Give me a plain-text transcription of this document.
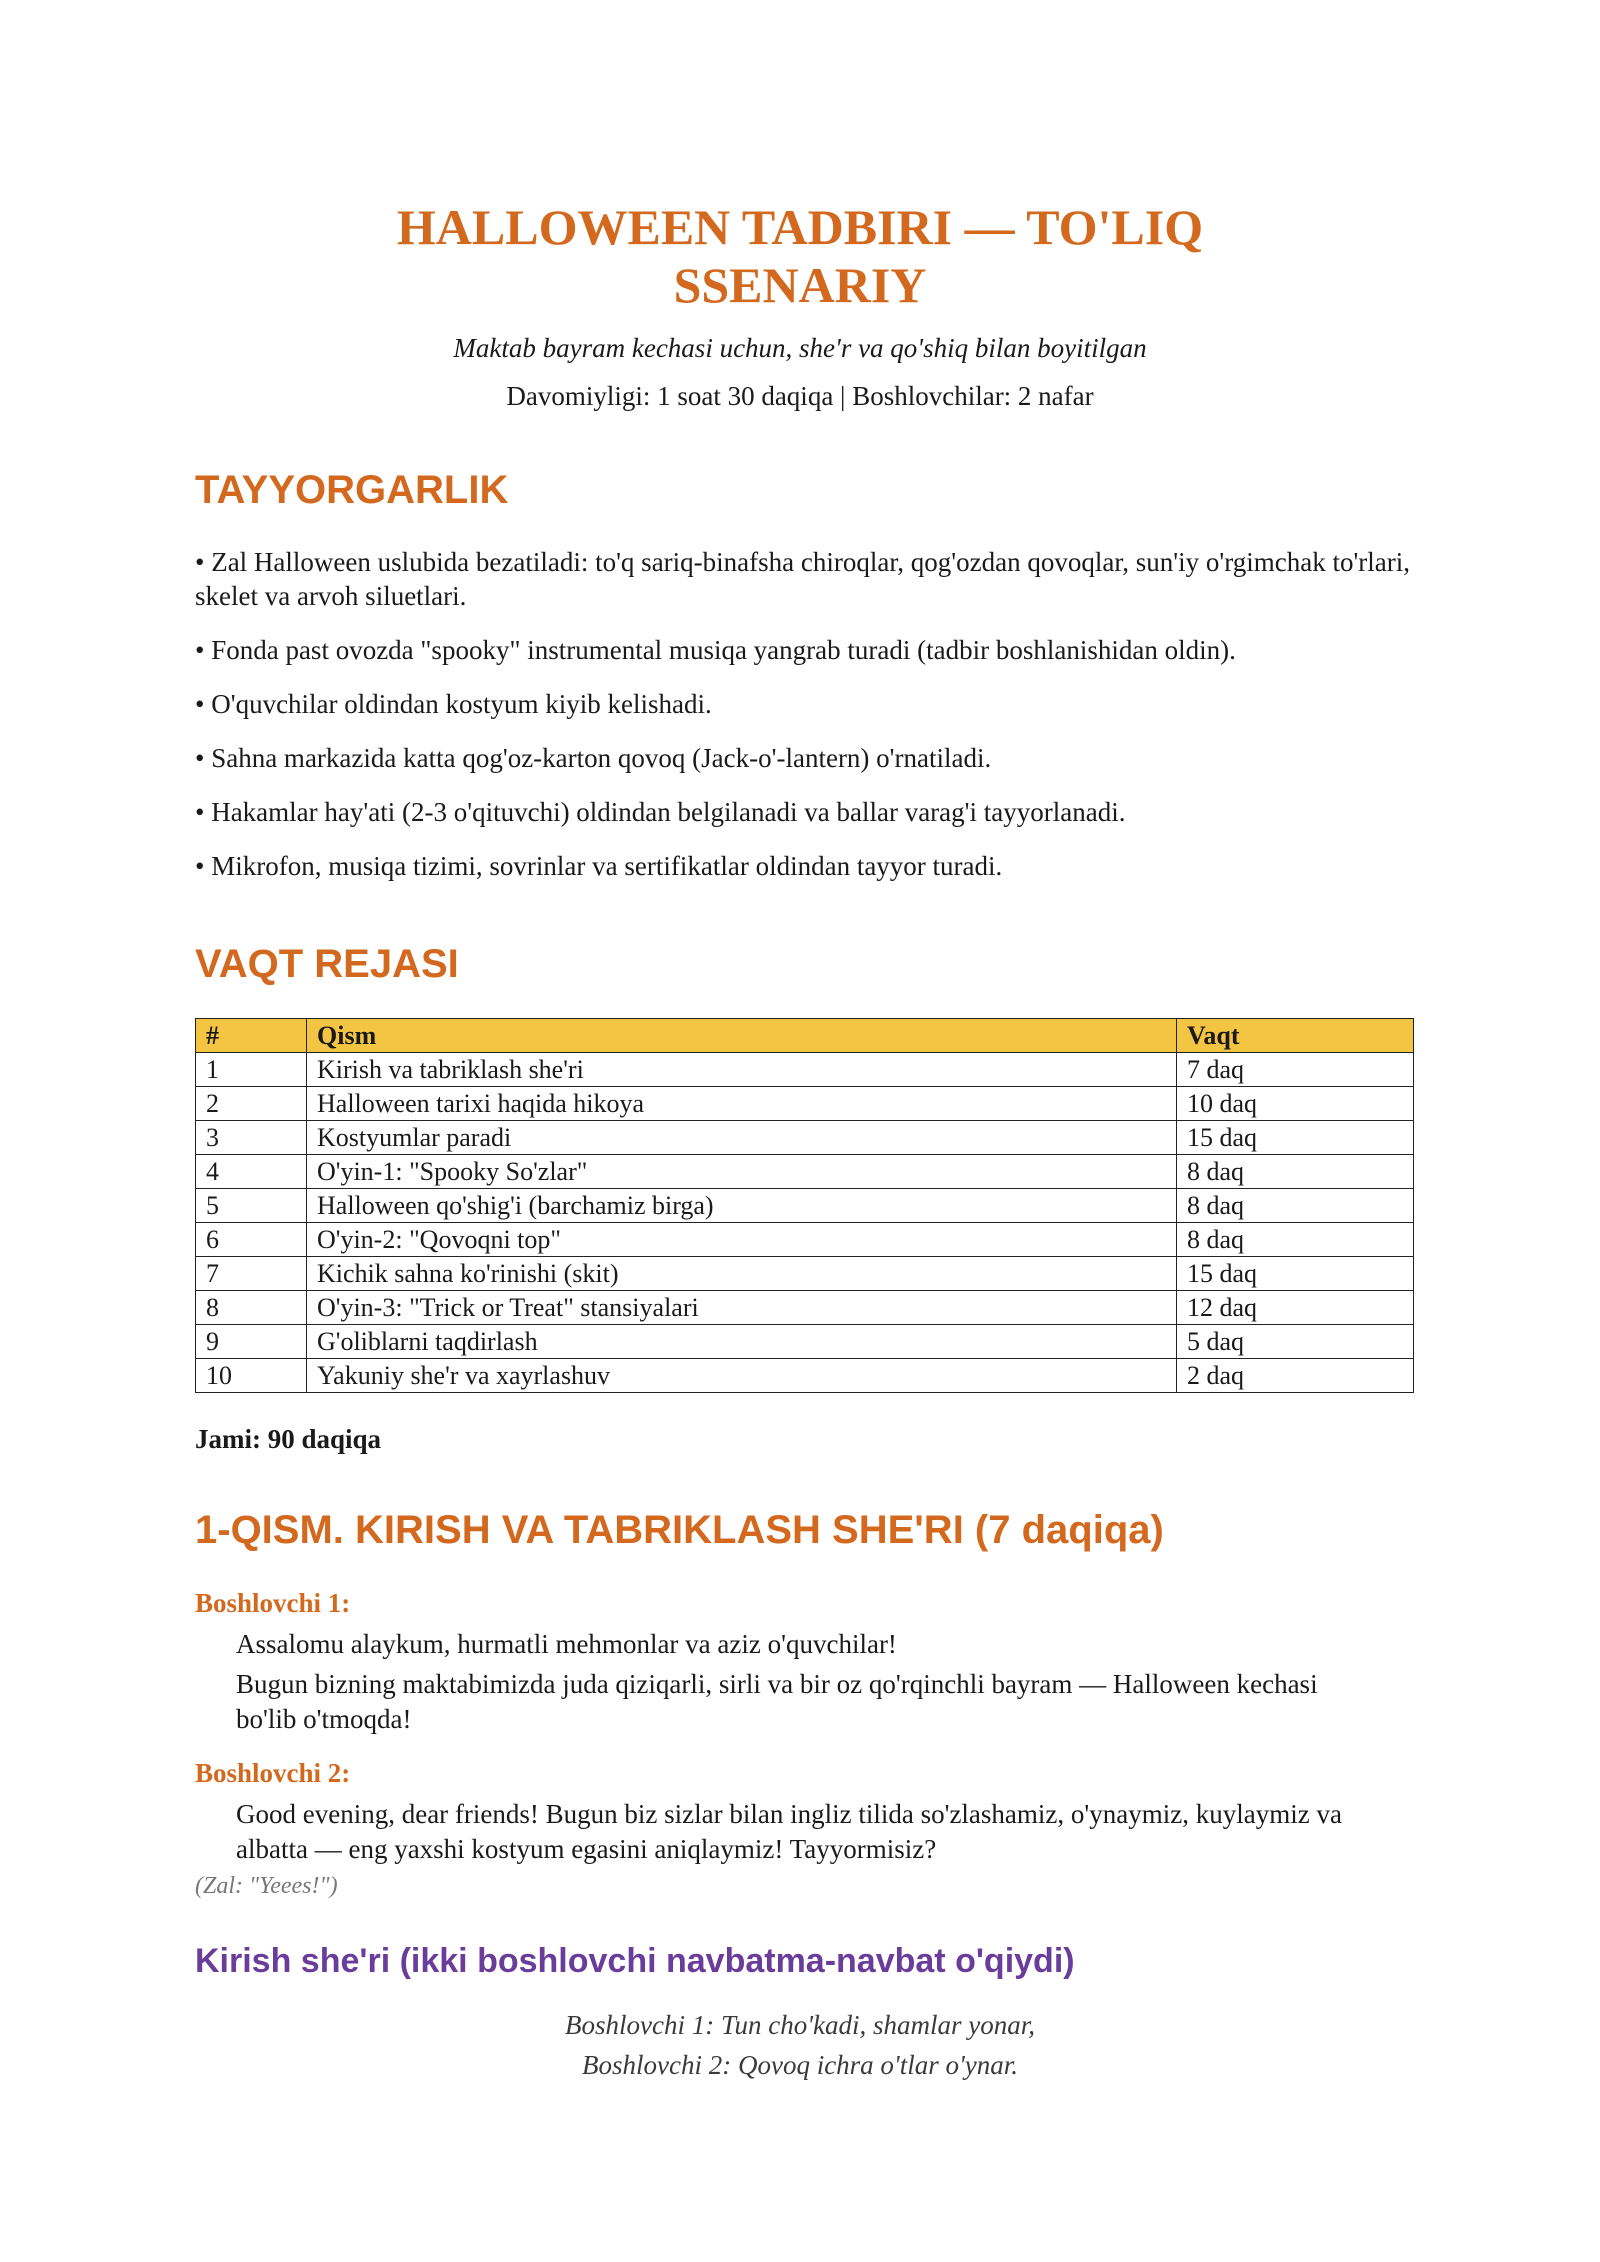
HALLOWEEN TADBIRI — TO'LIQ
SSENARIY
Maktab bayram kechasi uchun, she'r va qo'shiq bilan boyitilgan
Davomiyligi: 1 soat 30 daqiqa | Boshlovchilar: 2 nafar
TAYYORGARLIK
• Zal Halloween uslubida bezatiladi: to'q sariq-binafsha chiroqlar, qog'ozdan qovoqlar, sun'iy o'rgimchak to'rlari, skelet va arvoh siluetlari.
• Fonda past ovozda "spooky" instrumental musiqa yangrab turadi (tadbir boshlanishidan oldin).
• O'quvchilar oldindan kostyum kiyib kelishadi.
• Sahna markazida katta qog'oz-karton qovoq (Jack-o'-lantern) o'rnatiladi.
• Hakamlar hay'ati (2-3 o'qituvchi) oldindan belgilanadi va ballar varag'i tayyorlanadi.
• Mikrofon, musiqa tizimi, sovrinlar va sertifikatlar oldindan tayyor turadi.
VAQT REJASI
#	Qism	Vaqt
1	Kirish va tabriklash she'ri	7 daq
2	Halloween tarixi haqida hikoya	10 daq
3	Kostyumlar paradi	15 daq
4	O'yin-1: "Spooky So'zlar"	8 daq
5	Halloween qo'shig'i (barchamiz birga)	8 daq
6	O'yin-2: "Qovoqni top"	8 daq
7	Kichik sahna ko'rinishi (skit)	15 daq
8	O'yin-3: "Trick or Treat" stansiyalari	12 daq
9	G'oliblarni taqdirlash	5 daq
10	Yakuniy she'r va xayrlashuv	2 daq
Jami: 90 daqiqa
1-QISM. KIRISH VA TABRIKLASH SHE'RI (7 daqiqa)
Boshlovchi 1:

Assalomu alaykum, hurmatli mehmonlar va aziz o'quvchilar!

Bugun bizning maktabimizda juda qiziqarli, sirli va bir oz qo'rqinchli bayram — Halloween kechasi bo'lib o'tmoqda!

Boshlovchi 2:

Good evening, dear friends! Bugun biz sizlar bilan ingliz tilida so'zlashamiz, o'ynaymiz, kuylaymiz va albatta — eng yaxshi kostyum egasini aniqlaymiz! Tayyormisiz?

(Zal: "Yeees!")
Kirish she'ri (ikki boshlovchi navbatma-navbat o'qiydi)
Boshlovchi 1: Tun cho'kadi, shamlar yonar,
Boshlovchi 2: Qovoq ichra o'tlar o'ynar.
